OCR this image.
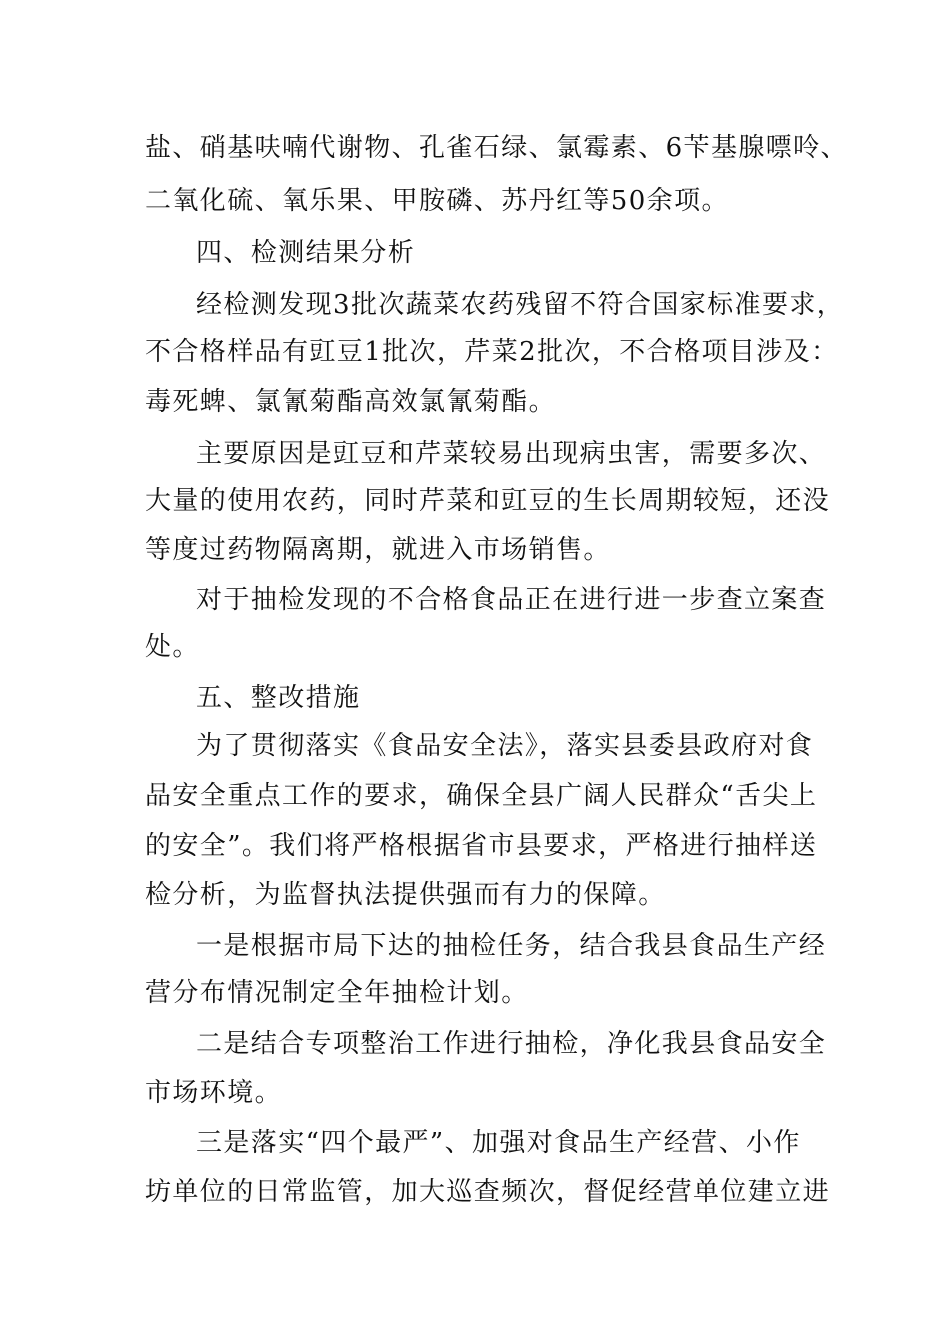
盐、硝基呋喃代谢物、孔雀石绿、氯霉素、6苄基腺嘌呤、
二氧化硫、氧乐果、甲胺磷、苏丹红等50余项。
四、检测结果分析
经检测发现3批次蔬菜农药残留不符合国家标准要求，
不合格样品有豇豆1批次，芹菜2批次，不合格项目涉及：
毒死蜱、氯氰菊酯高效氯氰菊酯。
主要原因是豇豆和芹菜较易出现病虫害，需要多次、
大量的使用农药，同时芹菜和豇豆的生长周期较短，还没
等度过药物隔离期，就进入市场销售。
对于抽检发现的不合格食品正在进行进一步查立案查
处。
五、整改措施
为了贯彻落实《食品安全法》，落实县委县政府对食
品安全重点工作的要求，确保全县广阔人民群众“舌尖上
的安全”。我们将严格根据省市县要求，严格进行抽样送
检分析，为监督执法提供强而有力的保障。
一是根据市局下达的抽检任务，结合我县食品生产经
营分布情况制定全年抽检计划。
二是结合专项整治工作进行抽检，净化我县食品安全
市场环境。
三是落实“四个最严”、加强对食品生产经营、小作
坊单位的日常监管，加大巡查频次，督促经营单位建立进
